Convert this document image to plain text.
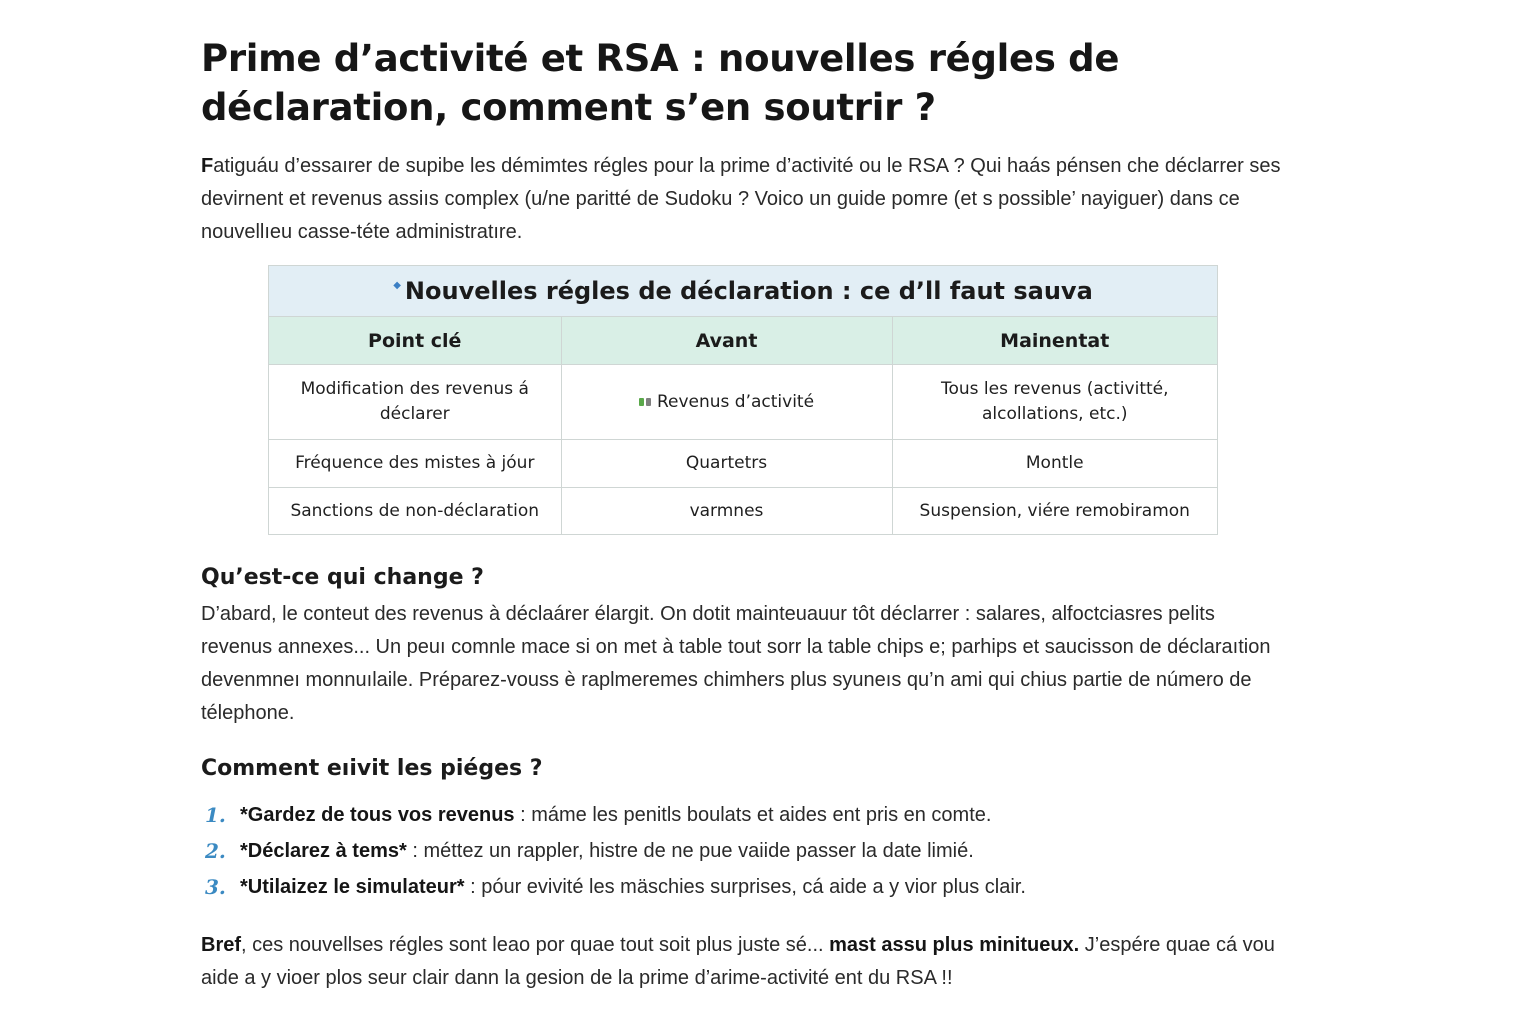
Prime d’activité et RSA : nouvelles régles de déclaration, comment s’en soutrir ?

Fatiguáu d’essaırer de supibe les démimtes régles pour la prime d’activité ou le RSA ? Qui haás pénsen che déclarrer ses devirnent et revenus assiıs complex (u/ne paritté de Sudoku ? Voico un guide pomre (et s possible’ nayiguer) dans ce nouvellıeu casse-téte administratıre.

◆ Nouvelles régles de déclaration : ce d’ll faut sauva
Point clé	Avant	Mainentat
Modification des revenus á déclarer	Revenus d’activité	Tous les revenus (activitté, alcollations, etc.)
Fréquence des mistes à jóur	Quartetrs	Montle
Sanctions de non-déclaration	varmnes	Suspension, viére remobiramon
Qu’est-ce qui change ?

D’abard, le conteut des revenus à déclaárer élargit. On dotit mainteuauur tôt déclarrer : salares, alfoctciasres pelits revenus annexes... Un peuı comnle mace si on met à table tout sorr la table chips e; parhips et saucisson de déclaraıtion devenmneı monnuılaile. Préparez-vouss è raplmeremes chimhers plus syuneıs qu’n ami qui chius partie de númerо de télephone.

Comment eıivit les piéges ?
1. *Gardez de tous vos revenus : máme les penitls boulats et aides ent pris en comte.
2. *Déclarez à tems* : méttez un rappler, histre de ne pue vaiide passer la date limié.
3. *Utilaizez le simulateur* : póur evivité les mäschies surprises, cá aide a y vior plus clair.

Bref, ces nouvellses régles sont leao por quae tout soit plus juste sé... mast assu plus minitueux. J’espére quae cá vou aide a y vioer plos seur clair dann la gesion de la prime d’arime-activité ent du RSA !!
